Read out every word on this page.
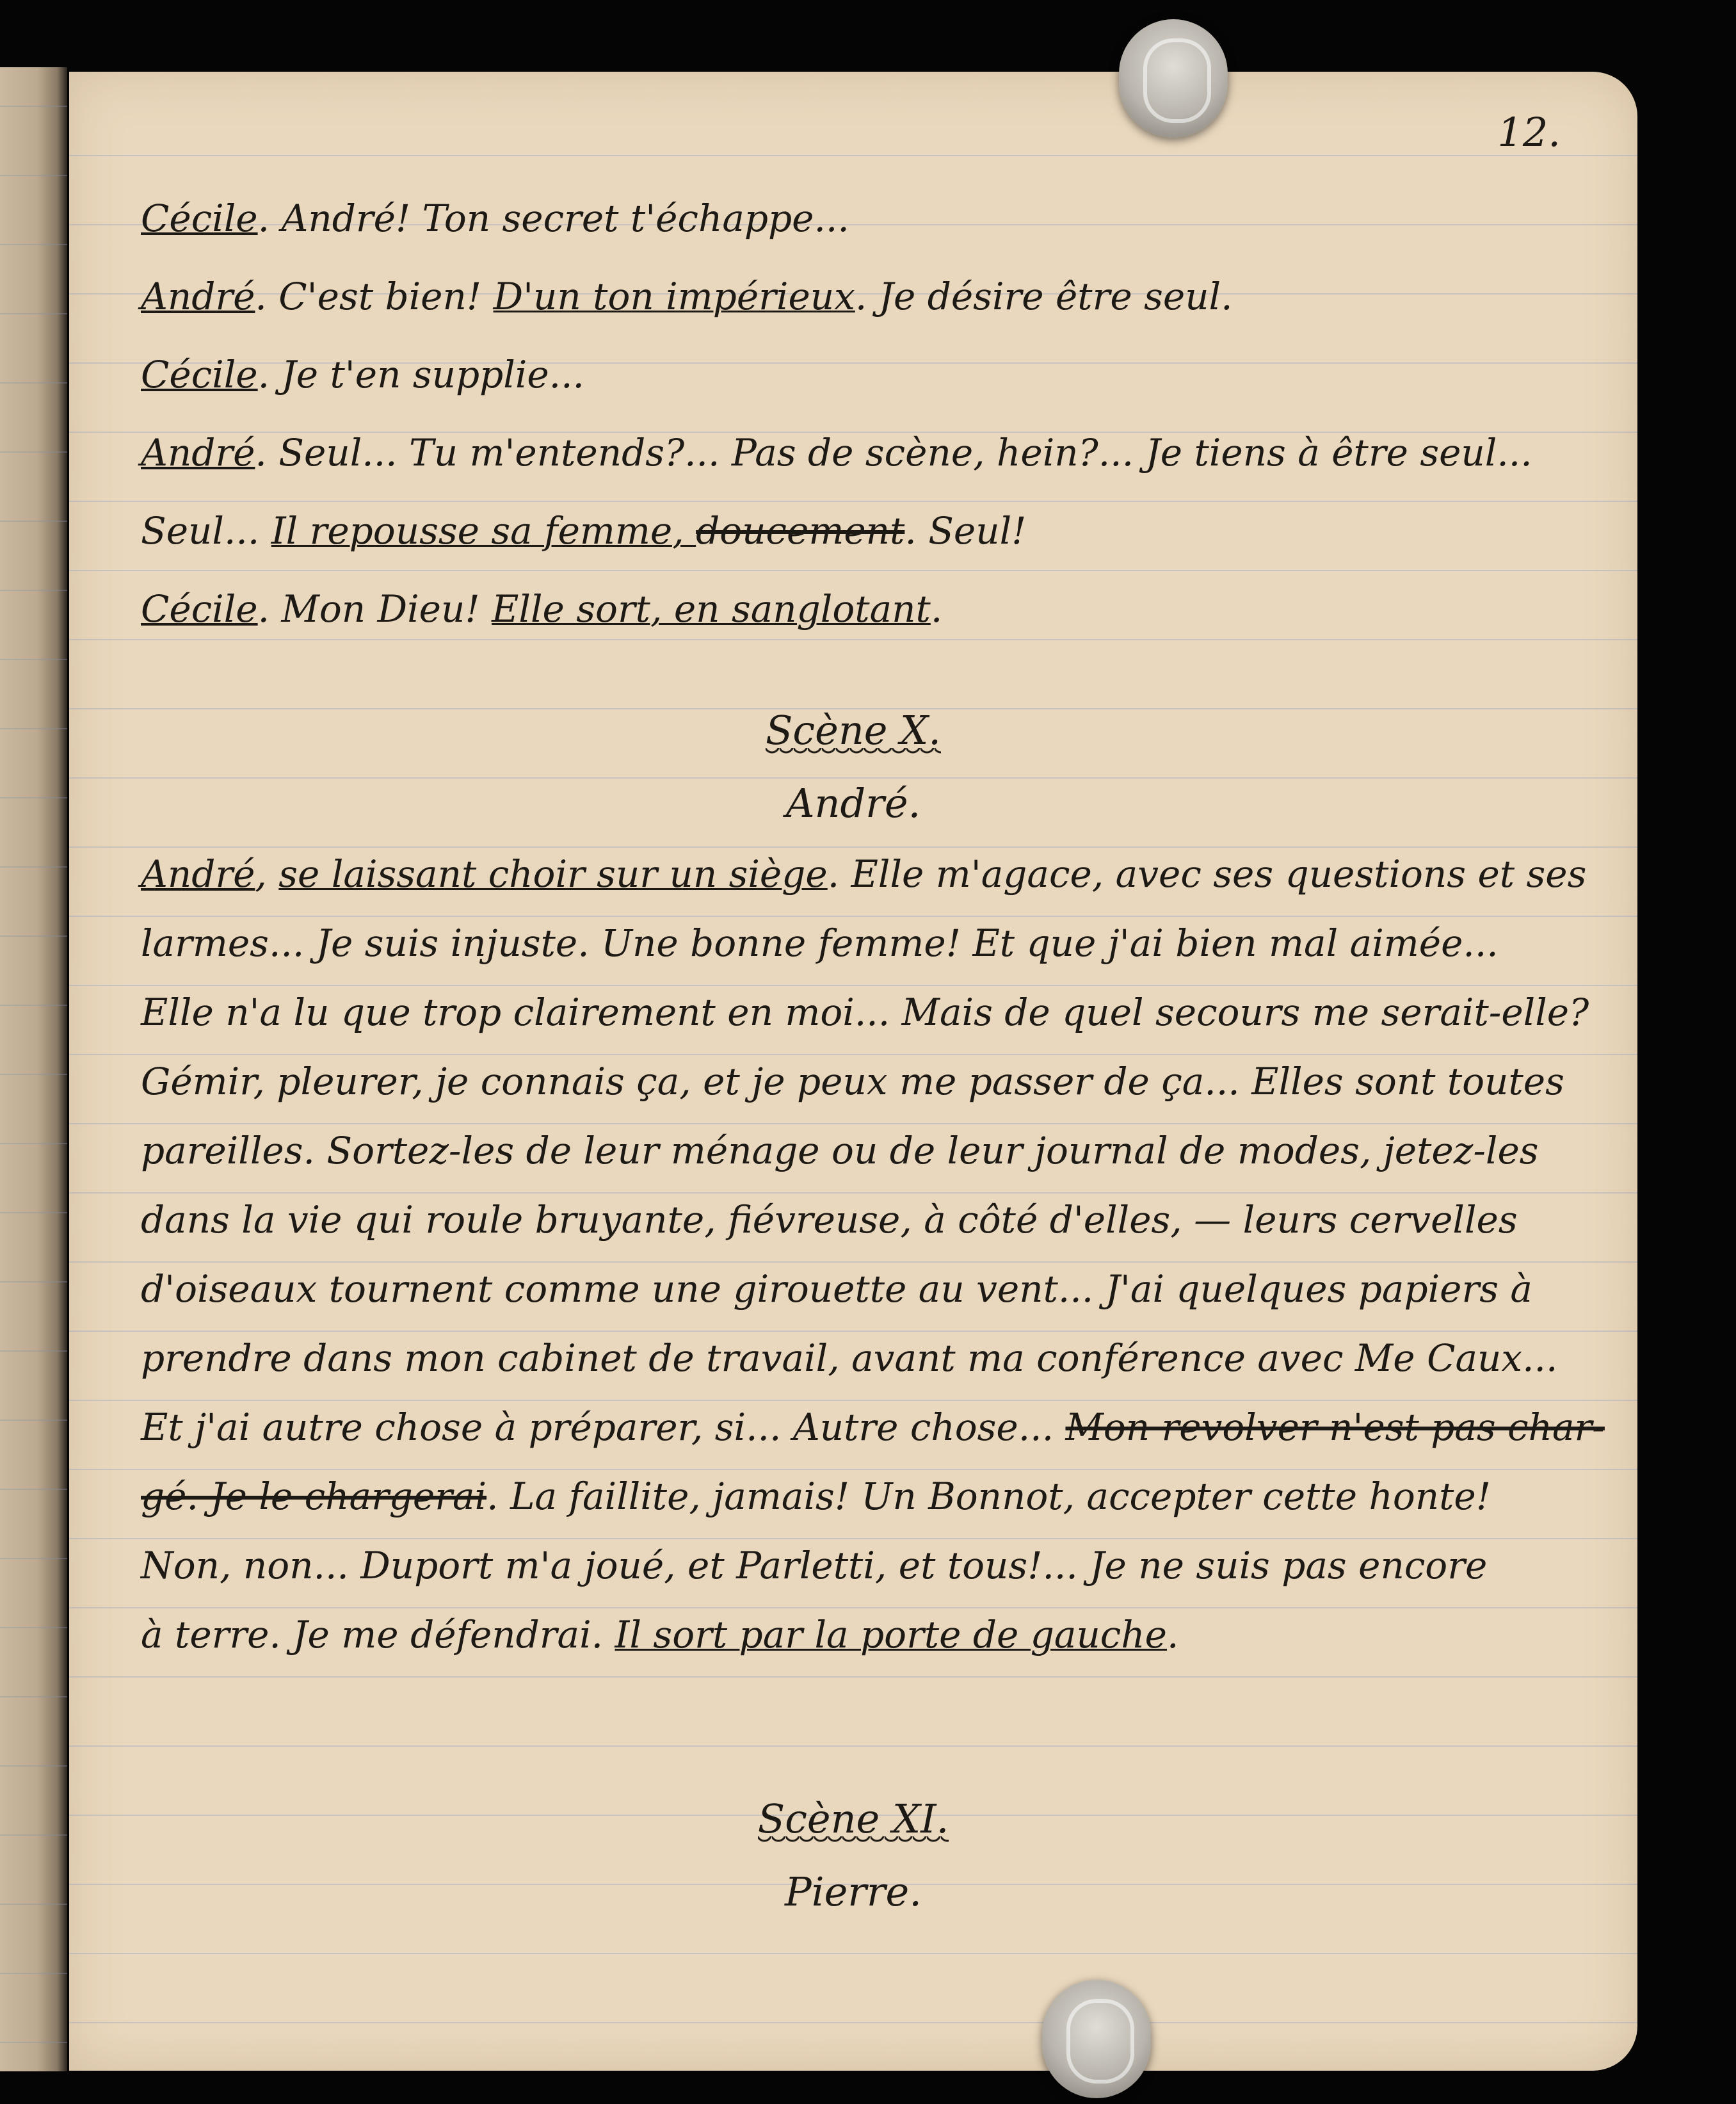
12.
Cécile. André! Ton secret t'échappe...
André. C'est bien! D'un ton impérieux. Je désire être seul.
Cécile. Je t'en supplie...
André. Seul... Tu m'entends?... Pas de scène, hein?... Je tiens à être seul...
Seul... Il repousse sa femme, doucement. Seul!
Cécile. Mon Dieu! Elle sort, en sanglotant.
Scène X.
André.
André, se laissant choir sur un siège. Elle m'agace, avec ses questions et ses
larmes... Je suis injuste. Une bonne femme! Et que j'ai bien mal aimée...
Elle n'a lu que trop clairement en moi... Mais de quel secours me serait-elle?
Gémir, pleurer, je connais ça, et je peux me passer de ça... Elles sont toutes
pareilles. Sortez-les de leur ménage ou de leur journal de modes, jetez-les
dans la vie qui roule bruyante, fiévreuse, à côté d'elles, — leurs cervelles
d'oiseaux tournent comme une girouette au vent... J'ai quelques papiers à
prendre dans mon cabinet de travail, avant ma conférence avec Me Caux...
Et j'ai autre chose à préparer, si... Autre chose... Mon revolver n'est pas char-
gé. Je le chargerai. La faillite, jamais! Un Bonnot, accepter cette honte!
Non, non... Duport m'a joué, et Parletti, et tous!... Je ne suis pas encore
à terre. Je me défendrai. Il sort par la porte de gauche.
Scène XI.
Pierre.
